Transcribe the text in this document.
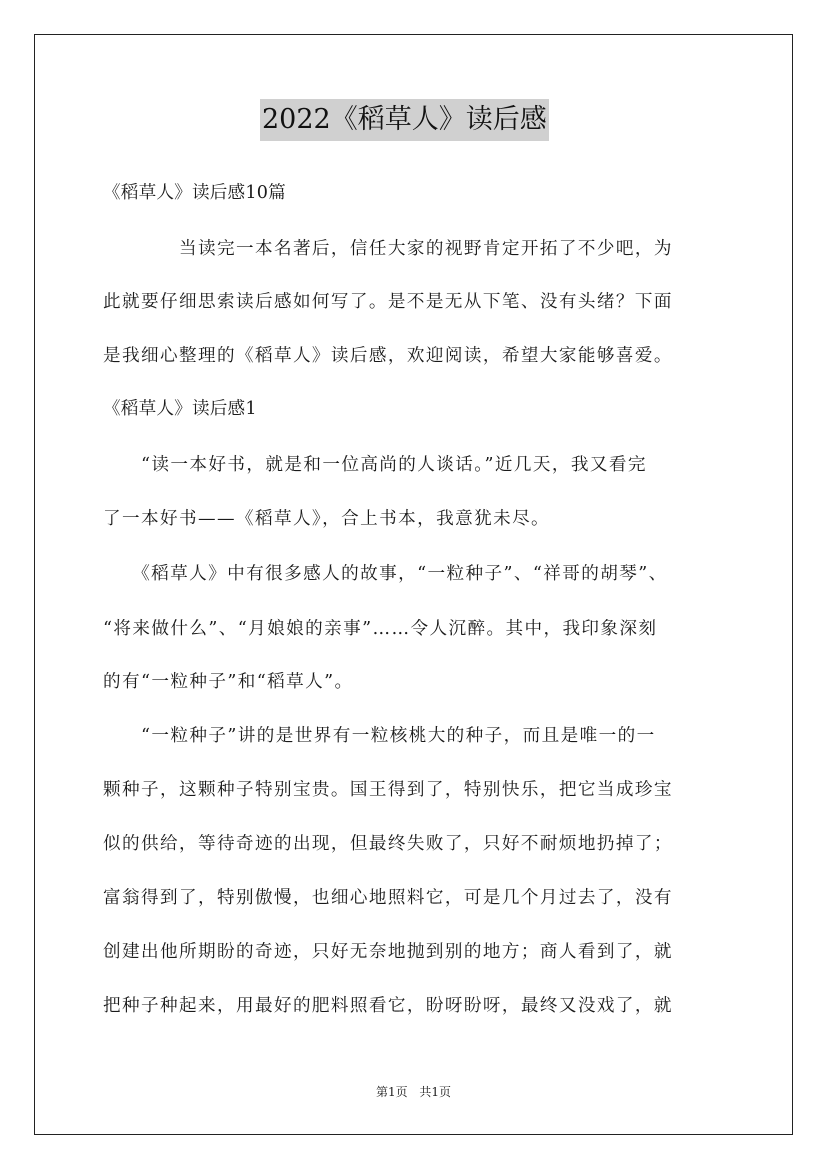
2022《稻草人》读后感
《稻草人》读后感10篇
　　　　当读完一本名著后，信任大家的视野肯定开拓了不少吧，为
此就要仔细思索读后感如何写了。是不是无从下笔、没有头绪？下面
是我细心整理的《稻草人》读后感，欢迎阅读，希望大家能够喜爱。
《稻草人》读后感1
　　“读一本好书，就是和一位高尚的人谈话。”近几天，我又看完
了一本好书——《稻草人》，合上书本，我意犹未尽。
　　《稻草人》中有很多感人的故事，“一粒种子”、“祥哥的胡琴”、
“将来做什么”、“月娘娘的亲事”……令人沉醉。其中，我印象深刻
的有“一粒种子”和“稻草人”。
　　“一粒种子”讲的是世界有一粒核桃大的种子，而且是唯一的一
颗种子，这颗种子特别宝贵。国王得到了，特别快乐，把它当成珍宝
似的供给，等待奇迹的出现，但最终失败了，只好不耐烦地扔掉了；
富翁得到了，特别傲慢，也细心地照料它，可是几个月过去了，没有
创建出他所期盼的奇迹，只好无奈地抛到别的地方；商人看到了，就
把种子种起来，用最好的肥料照看它，盼呀盼呀，最终又没戏了，就
第1页 共1页
